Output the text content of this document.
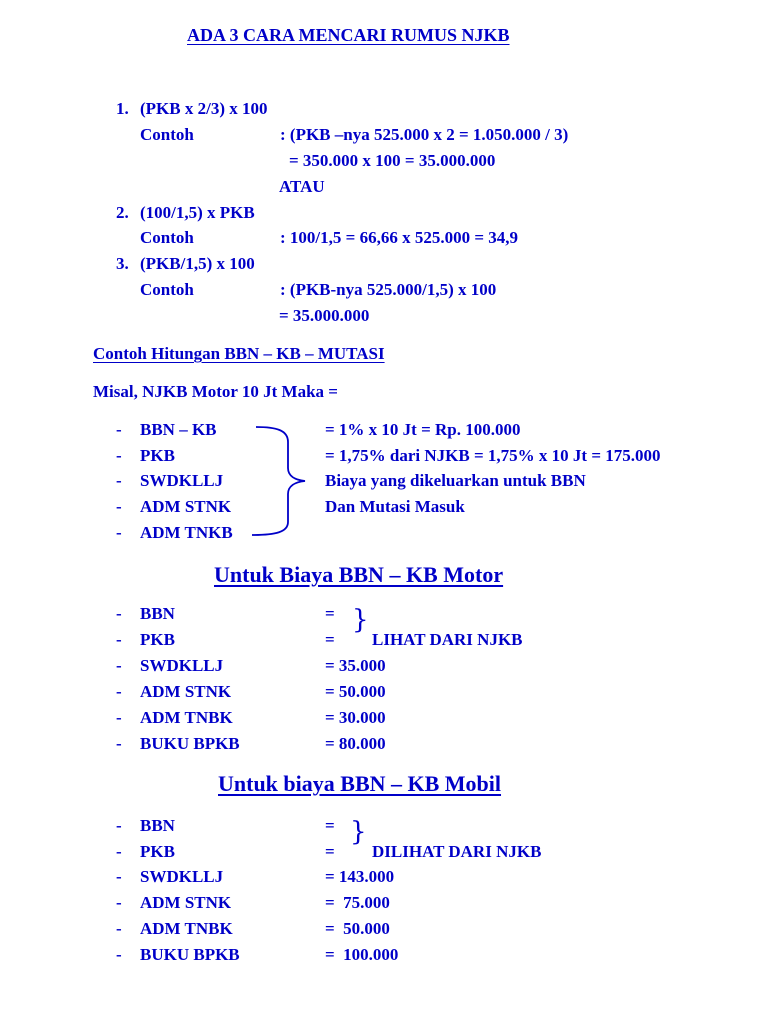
ADA 3 CARA MENCARI RUMUS NJKB
1. (PKB x 2/3) x 100
Contoh	: (PKB –nya 525.000 x 2 = 1.050.000 / 3)
= 350.000 x 100 = 35.000.000
ATAU
2. (100/1,5) x PKB
Contoh	: 100/1,5 = 66,66 x 525.000 = 34,9
3. (PKB/1,5) x 100
Contoh	: (PKB-nya 525.000/1,5) x 100
= 35.000.000
Contoh Hitungan BBN – KB – MUTASI
Misal, NJKB Motor 10 Jt Maka =
- BBN – KB	= 1% x 10 Jt = Rp. 100.000
- PKB	= 1,75% dari NJKB = 1,75% x 10 Jt = 175.000
- SWDKLLJ	Biaya yang dikeluarkan untuk BBN
- ADM STNK	Dan Mutasi Masuk
- ADM TNKB
Untuk Biaya BBN – KB Motor
- BBN	=
- PKB	=
}
LIHAT DARI NJKB
- SWDKLLJ	= 35.000
- ADM STNK	= 50.000
- ADM TNBK	= 30.000
- BUKU BPKB	= 80.000
Untuk biaya BBN – KB Mobil
- BBN	=
- PKB	=
}
DILIHAT DARI NJKB
- SWDKLLJ	= 143.000
- ADM STNK	=  75.000
- ADM TNBK	=  50.000
- BUKU BPKB	=  100.000
